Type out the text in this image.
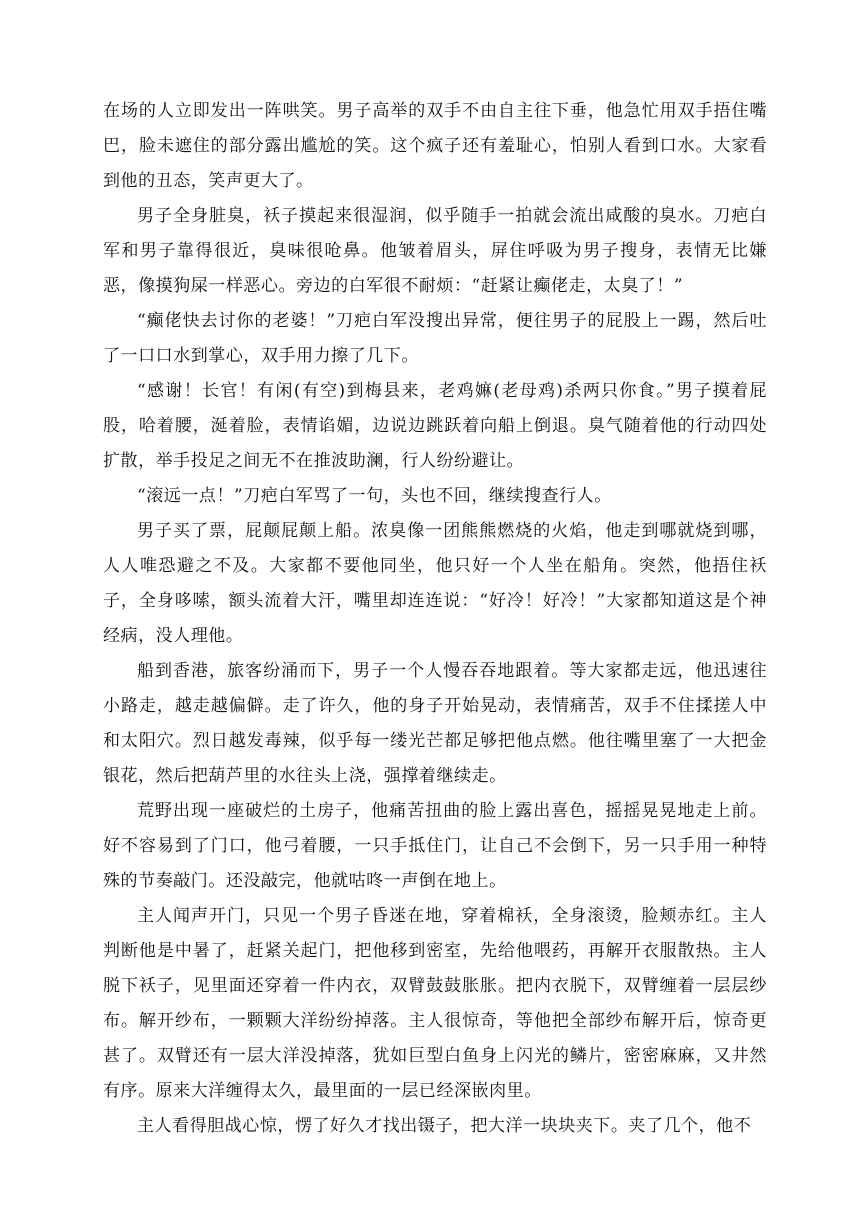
在场的人立即发出一阵哄笑。男子高举的双手不由自主往下垂，他急忙用双手捂住嘴巴，脸未遮住的部分露出尴尬的笑。这个疯子还有羞耻心，怕别人看到口水。大家看到他的丑态，笑声更大了。

男子全身脏臭，袄子摸起来很湿润，似乎随手一拍就会流出咸酸的臭水。刀疤白军和男子靠得很近，臭味很呛鼻。他皱着眉头，屏住呼吸为男子搜身，表情无比嫌恶，像摸狗屎一样恶心。旁边的白军很不耐烦：“赶紧让癫佬走，太臭了！”

“癫佬快去讨你的老婆！”刀疤白军没搜出异常，便往男子的屁股上一踢，然后吐了一口口水到掌心，双手用力擦了几下。

“感谢！长官！有闲(有空)到梅县来，老鸡嫲(老母鸡)杀两只你食。”男子摸着屁股，哈着腰，涎着脸，表情谄媚，边说边跳跃着向船上倒退。臭气随着他的行动四处扩散，举手投足之间无不在推波助澜，行人纷纷避让。

“滚远一点！”刀疤白军骂了一句，头也不回，继续搜查行人。

男子买了票，屁颠屁颠上船。浓臭像一团熊熊燃烧的火焰，他走到哪就烧到哪，人人唯恐避之不及。大家都不要他同坐，他只好一个人坐在船角。突然，他捂住袄子，全身哆嗦，额头流着大汗，嘴里却连连说：“好冷！好冷！”大家都知道这是个神经病，没人理他。

船到香港，旅客纷涌而下，男子一个人慢吞吞地跟着。等大家都走远，他迅速往小路走，越走越偏僻。走了许久，他的身子开始晃动，表情痛苦，双手不住揉搓人中和太阳穴。烈日越发毒辣，似乎每一缕光芒都足够把他点燃。他往嘴里塞了一大把金银花，然后把葫芦里的水往头上浇，强撑着继续走。

荒野出现一座破烂的土房子，他痛苦扭曲的脸上露出喜色，摇摇晃晃地走上前。好不容易到了门口，他弓着腰，一只手抵住门，让自己不会倒下，另一只手用一种特殊的节奏敲门。还没敲完，他就咕咚一声倒在地上。

主人闻声开门，只见一个男子昏迷在地，穿着棉袄，全身滚烫，脸颊赤红。主人判断他是中暑了，赶紧关起门，把他移到密室，先给他喂药，再解开衣服散热。主人脱下袄子，见里面还穿着一件内衣，双臂鼓鼓胀胀。把内衣脱下，双臂缠着一层层纱布。解开纱布，一颗颗大洋纷纷掉落。主人很惊奇，等他把全部纱布解开后，惊奇更甚了。双臂还有一层大洋没掉落，犹如巨型白鱼身上闪光的鳞片，密密麻麻，又井然有序。原来大洋缠得太久，最里面的一层已经深嵌肉里。

主人看得胆战心惊，愣了好久才找出镊子，把大洋一块块夹下。夹了几个，他不
